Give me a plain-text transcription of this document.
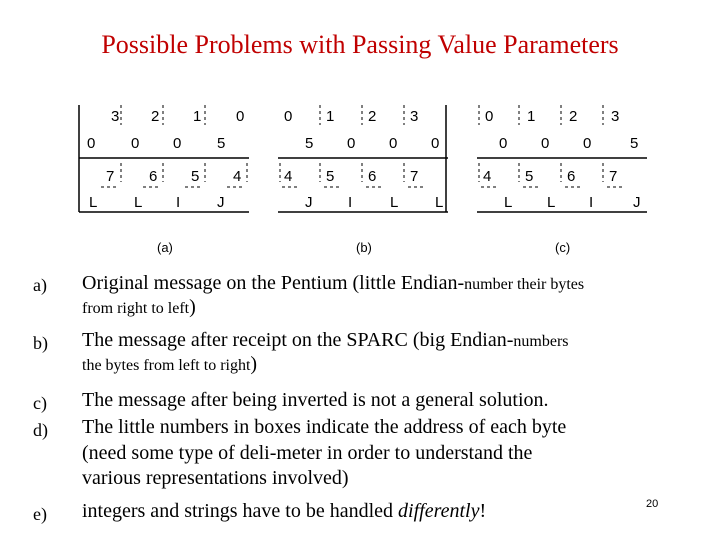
Possible Problems with Passing Value Parameters
3 2 1 0
0 0 0 5
7 6 5 4
L L I J
(a)
0 1 2 3
5 0 0 0
4 5 6 7
J I	L L
(b)
0 1 2 3
0 0 0	5
4 5 6 7
L L I	J
(c)
a) Original message on the Pentium (little Endian-number their bytes
from right to left)
b) The message after receipt on the SPARC (big Endian-numbers
the bytes from left to right)
c) The message after being inverted is not a general solution.
d) The little numbers in boxes indicate the address of each byte
(need some type of deli-meter in order to understand the
various representations involved)
e) integers and strings have to be handled differently!	20
